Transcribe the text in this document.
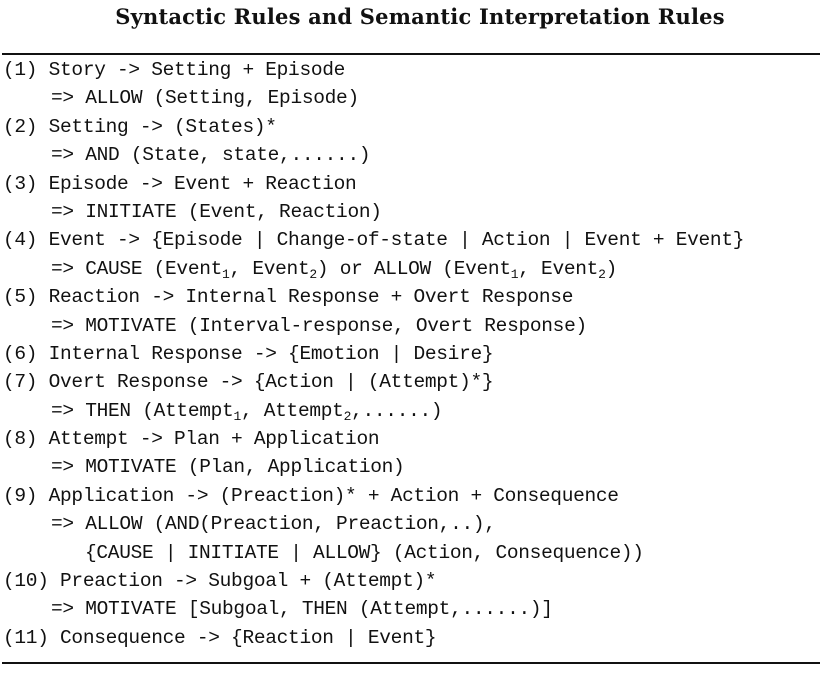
Syntactic Rules and Semantic Interpretation Rules
(1) Story -> Setting + Episode
=> ALLOW (Setting, Episode)
(2) Setting -> (States)*
=> AND (State, state,......)
(3) Episode -> Event + Reaction
=> INITIATE (Event, Reaction)
(4) Event -> {Episode | Change-of-state | Action | Event + Event}
=> CAUSE (Event$_1$, Event$_2$) or ALLOW (Event$_1$, Event$_2$)
(5) Reaction -> Internal Response + Overt Response
=> MOTIVATE (Interval-response, Overt Response)
(6) Internal Response -> {Emotion | Desire}
(7) Overt Response -> {Action | (Attempt)*}
=> THEN (Attempt$_1$, Attempt$_2$,......)
(8) Attempt -> Plan + Application
=> MOTIVATE (Plan, Application)
(9) Application -> (Preaction)* + Action + Consequence
=> ALLOW (AND(Preaction, Preaction,..),
{CAUSE | INITIATE | ALLOW} (Action, Consequence))
(10) Preaction -> Subgoal + (Attempt)*
=> MOTIVATE [Subgoal, THEN (Attempt,......)]
(11) Consequence -> {Reaction | Event}
